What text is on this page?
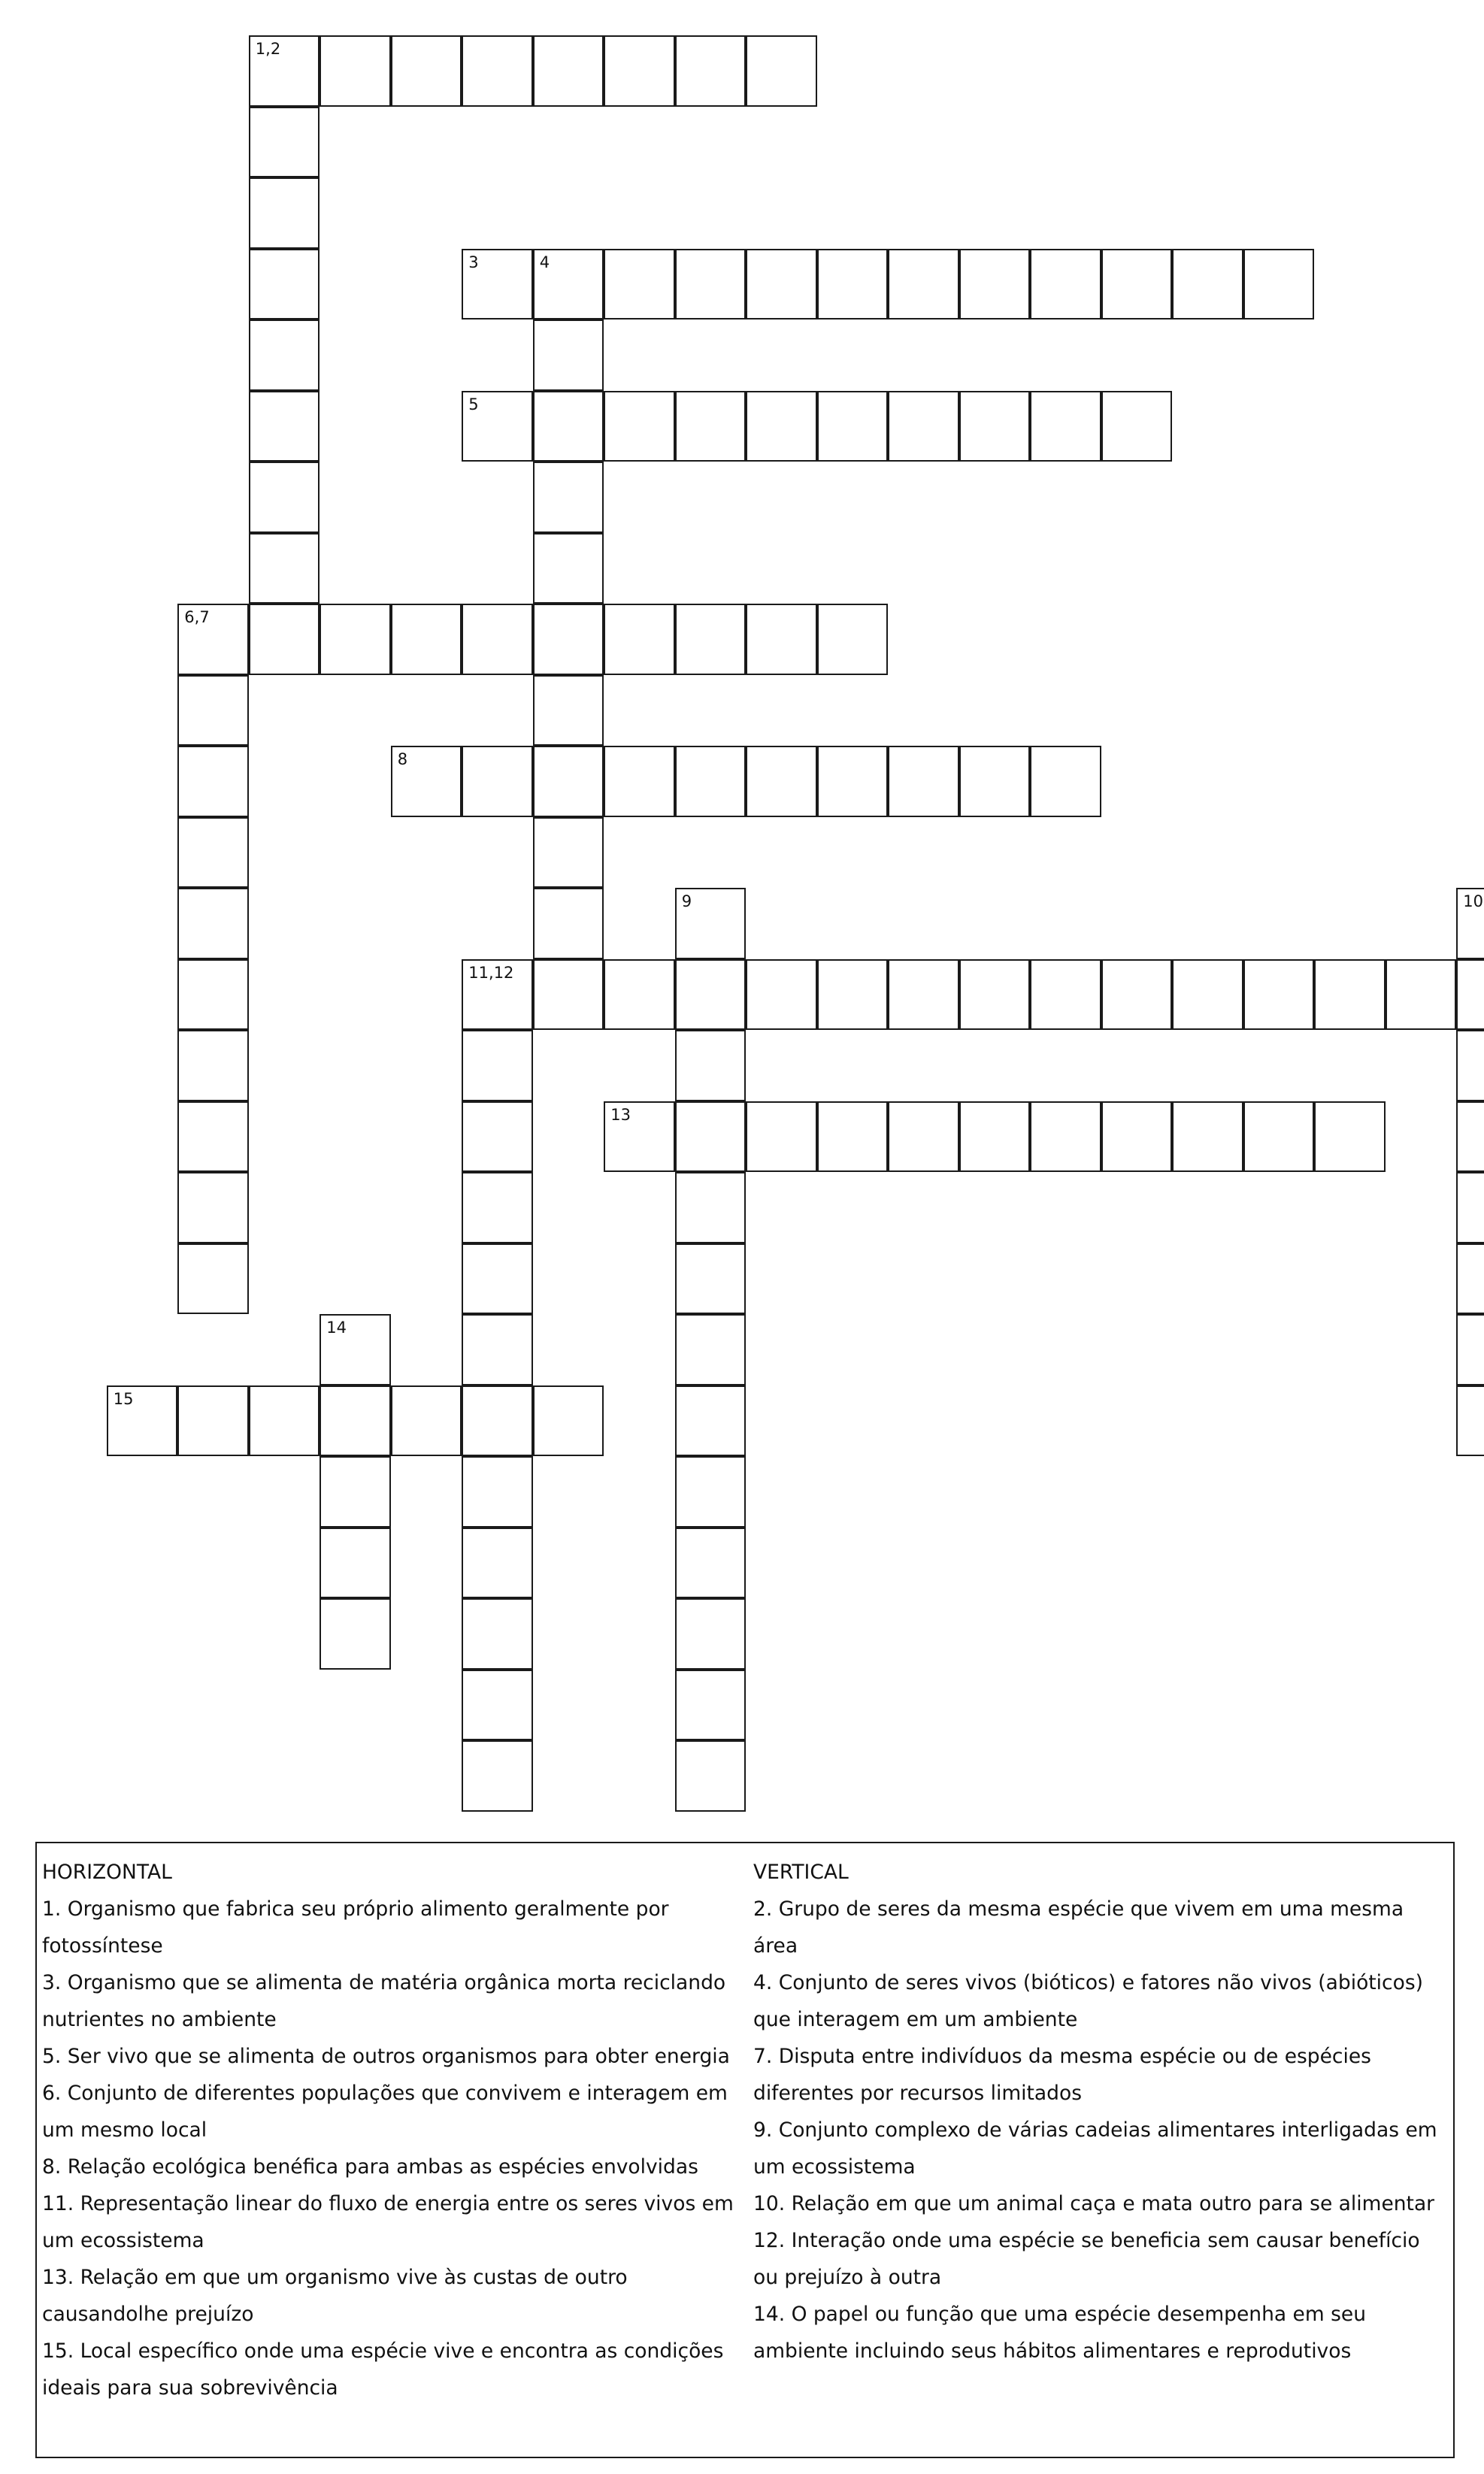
1,2
3	4
5
6,7
8
9	10
11,12
13
14
15
HORIZONTAL
1. Organismo que fabrica seu próprio alimento geralmente por
fotossíntese
3. Organismo que se alimenta de matéria orgânica morta reciclando
nutrientes no ambiente
5. Ser vivo que se alimenta de outros organismos para obter energia
6. Conjunto de diferentes populações que convivem e interagem em
um mesmo local
8. Relação ecológica benéfica para ambas as espécies envolvidas
11. Representação linear do fluxo de energia entre os seres vivos em
um ecossistema
13. Relação em que um organismo vive às custas de outro
causandolhe prejuízo
15. Local específico onde uma espécie vive e encontra as condições
ideais para sua sobrevivência
VERTICAL
2. Grupo de seres da mesma espécie que vivem em uma mesma área
4. Conjunto de seres vivos (bióticos) e fatores não vivos (abióticos)
que interagem em um ambiente
7. Disputa entre indivíduos da mesma espécie ou de espécies
diferentes por recursos limitados
9. Conjunto complexo de várias cadeias alimentares interligadas em
um ecossistema
10. Relação em que um animal caça e mata outro para se alimentar
12. Interação onde uma espécie se beneficia sem causar benefício
ou prejuízo à outra
14. O papel ou função que uma espécie desempenha em seu
ambiente incluindo seus hábitos alimentares e reprodutivos
